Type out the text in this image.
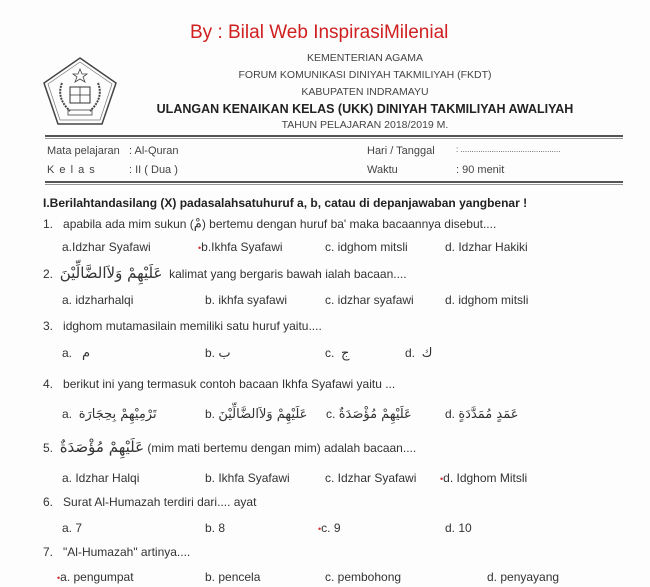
By : Bilal Web InspirasiMilenial
KEMENTERIAN AGAMA
FORUM KOMUNIKASI DINIYAH TAKMILIYAH (FKDT)
KABUPATEN INDRAMAYU
ULANGAN KENAIKAN KELAS (UKK) DINIYAH TAKMILIYAH AWALIYAH
TAHUN PELAJARAN 2018/2019 M.
Mata pelajaran : Al-Quran
K e l a s	: II ( Dua )
Hari / Tanggal	: .............................................
Waktu	: 90 menit
I.Berilahtandasilang (X) padasalahsatuhuruf a, b, catau di depanjawaban yangbenar !
1. apabila ada mim sukun (مْ) bertemu dengan huruf ba' maka bacaannya disebut....
a.Idzhar Syafawi	•b.Ikhfa Syafawi	c. idghom mitsli	d. Idzhar Hakiki
2. عَلَيْهِمْ وَلاَالضَّالِّيْنَ kalimat yang bergaris bawah ialah bacaan....
a. idzharhalqi	b. ikhfa syafawi	c. idzhar syafawi	d. idghom mitsli
3. idghom mutamasilain memiliki satu huruf yaitu....
a. م	b. ب	c. ج	d. ك
4. berikut ini yang termasuk contoh bacaan Ikhfa Syafawi yaitu ...
a. تَرْمِيْهِمْ بِحِجَارَة	b. عَلَيْهِمْ وَلاَالضَّالِّيْنَ c. عَلَيْهِمْ مُؤْصَدَةٌ	d. عَمَدٍ مُمَدَّدَةٍ
5. عَلَيْهِمْ مُؤْصَدَةٌ (mim mati bertemu dengan mim) adalah bacaan....
a. Idzhar Halqi	b. Ikhfa Syafawi	c. Idzhar Syafawi	•d. Idghom Mitsli
6. Surat Al-Humazah terdiri dari.... ayat
a. 7	b. 8	•c. 9	d. 10
7. "Al-Humazah" artinya....
•a. pengumpat	b. pencela	c. pembohong	d. penyayang
